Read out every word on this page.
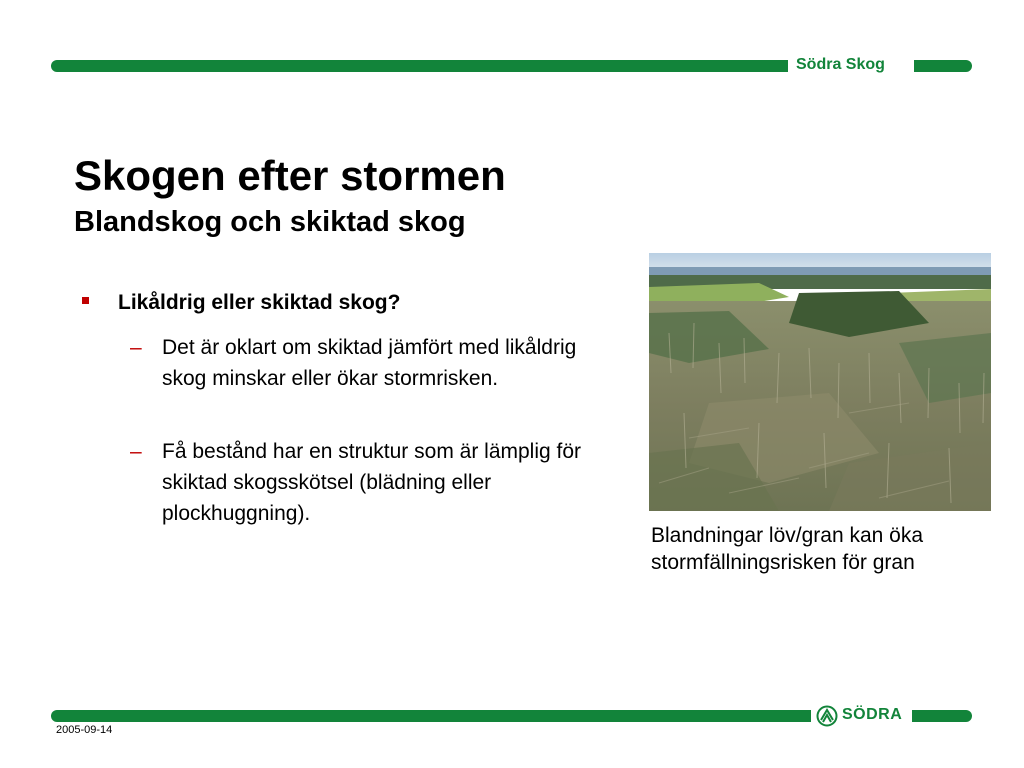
Södra Skog
Skogen efter stormen
Blandskog och skiktad skog
Likåldrig eller skiktad skog?
– Det är oklart om skiktad jämfört med likåldrig skog minskar eller ökar stormrisken.
– Få bestånd har en struktur som är lämplig för skiktad skogsskötsel (blädning eller plockhuggning).
Blandningar löv/gran kan öka stormfällningsrisken för gran
SÖDRA
2005-09-14
